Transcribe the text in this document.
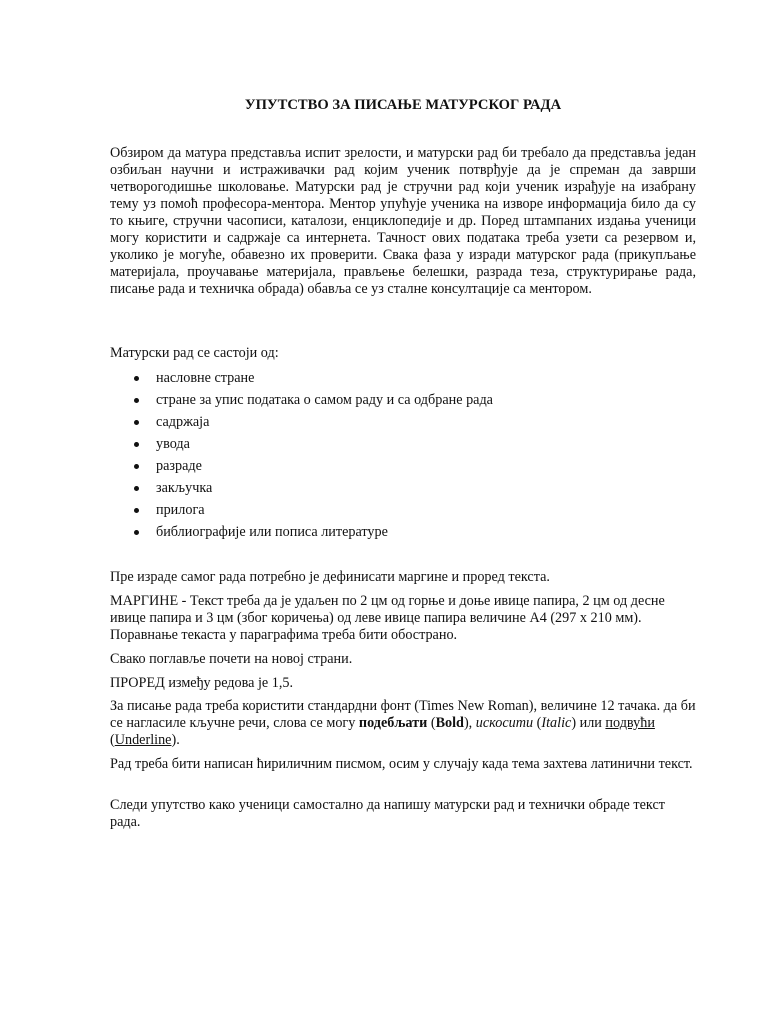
УПУТСТВО ЗА ПИСАЊЕ МАТУРСКОГ РАДА

Обзиром да матура представља испит зрелости, и матурски рад би требало да представља један озбиљан научни и истраживачки рад којим ученик потврђује да је спреман да заврши четворогодишње школовање. Матурски рад је стручни рад који ученик израђује на изабрану тему уз помоћ професора-ментора. Ментор упућује ученика на изворе информација било да су то књиге, стручни часописи, каталози, енциклопедије и др. Поред штампаних издања ученици могу користити и садржаје са интернета. Тачност ових података треба узети са резервом и, уколико је могуће, обавезно их проверити. Свака фаза у изради матурског рада (прикупљање материјала, проучавање материјала, прављење белешки, разрада теза, структурирање рада, писање рада и техничка обрада) обавља се уз сталне консултације са ментором.

Матурски рад се састоји од:

насловне стране
стране за упис података о самом раду и са одбране рада
садржаја
увода
разраде
закључка
прилога
библиографије или пописа литературе

Пре израде самог рада потребно је дефинисати маргине и проред текста.

МАРГИНЕ - Текст треба да је удаљен по 2 цм од горње и доње ивице папира, 2 цм од десне ивице папира и 3 цм (због коричења) од леве ивице папира величине А4 (297 х 210 мм). Поравнање текаста у параграфима треба бити обострано.

Свако поглавље почети на новој страни.

ПРОРЕД између редова је 1,5.

За писање рада треба користити стандардни фонт (Times New Roman), величине 12 тачака. да би се нагласиле кључне речи, слова се могу подебљати (Bold), искосити (Italic) или подвући (Underline).

Рад треба бити написан ћириличним писмом, осим у случају када тема захтева латинични текст.

Следи упутство како ученици самостално да напишу матурски рад и технички обраде текст рада.
